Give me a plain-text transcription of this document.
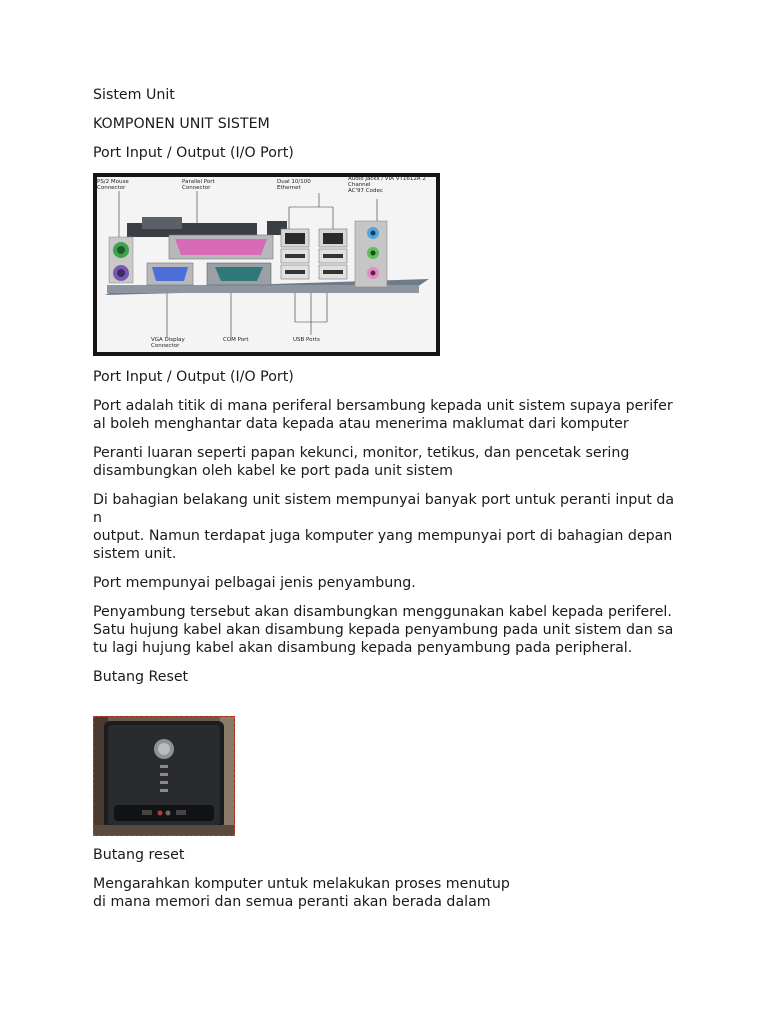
Sistem Unit

KOMPONEN UNIT SISTEM

Port Input / Output (I/O Port)

PS/2 Mouse
Connector
Parallel Port
Connector
Dual 10/100
Ethernet
Audio Jacks / VIA VT1612A 2
Channel
AC'97 Codec
VGA Display
Connector
COM Port	USB Ports

Port Input / Output (I/O Port)

Port adalah titik di mana periferal bersambung kepada unit sistem supaya perifer
al boleh menghantar data kepada atau menerima maklumat dari komputer

Peranti luaran seperti papan kekunci, monitor, tetikus, dan pencetak sering
disambungkan oleh kabel ke port pada unit sistem

Di bahagian belakang unit sistem mempunyai banyak port untuk peranti input da
n
output. Namun terdapat juga komputer yang mempunyai port di bahagian depan
sistem unit.

Port mempunyai pelbagai jenis penyambung.

Penyambung tersebut akan disambungkan menggunakan kabel kepada periferel.
Satu hujung kabel akan disambung kepada penyambung pada unit sistem dan sa
tu lagi hujung kabel akan disambung kepada penyambung pada peripheral.

Butang Reset

Butang reset

Mengarahkan komputer untuk melakukan proses menutup
di mana memori dan semua peranti akan berada dalam
